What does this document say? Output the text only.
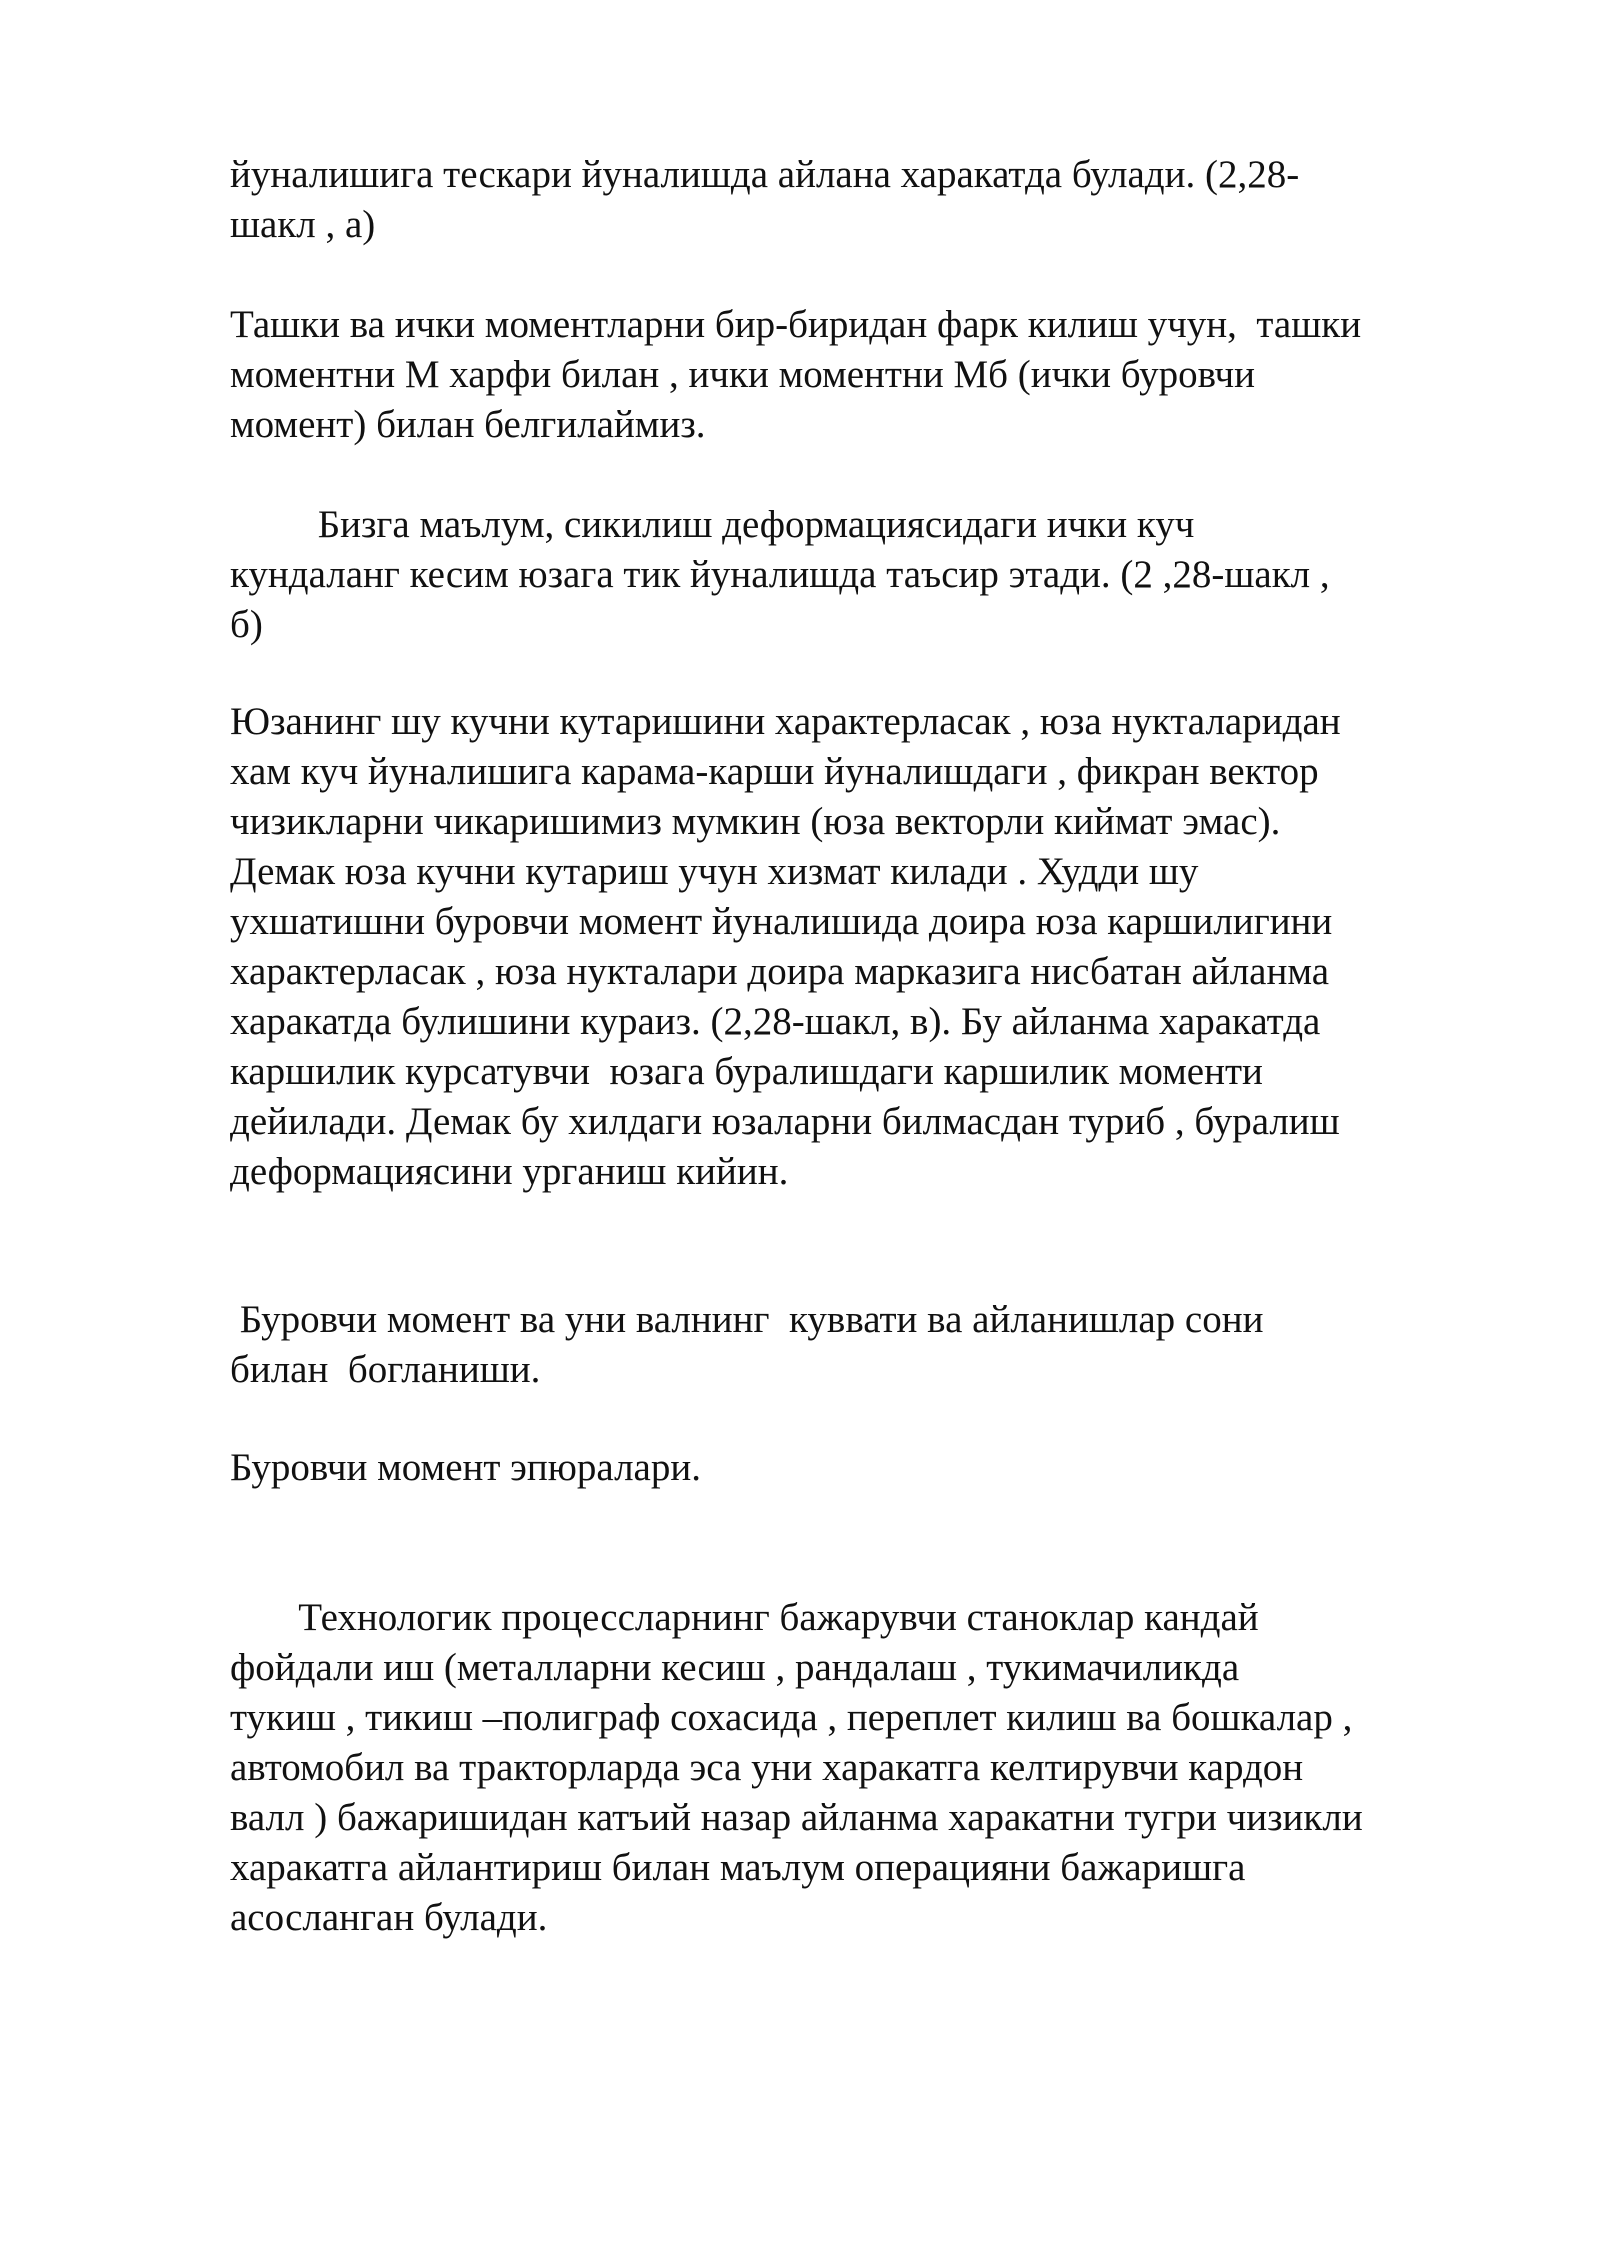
йуналишига тескари йуналишда айлана харакатда булади. (2,28-
шакл , а)

Ташки ва ички моментларни бир-биридан фарк килиш учун,  ташки
моментни М харфи билан , ички моментни Мб (ички буровчи
момент) билан белгилаймиз.

Бизга маълум, сикилиш деформациясидаги ички куч
кундаланг кесим юзага тик йуналишда таъсир этади. (2 ,28-шакл ,
б)

Юзанинг шу кучни кутаришини характерласак , юза нукталаридан
хам куч йуналишига карама-карши йуналишдаги , фикран вектор
чизикларни чикаришимиз мумкин (юза векторли киймат эмас).
Демак юза кучни кутариш учун хизмат килади . Худди шу
ухшатишни буровчи момент йуналишида доира юза каршилигини
характерласак , юза нукталари доира марказига нисбатан айланма
харакатда булишини кураиз. (2,28-шакл, в). Бу айланма харакатда
каршилик курсатувчи  юзага буралишдаги каршилик моменти
дейилади. Демак бу хилдаги юзаларни билмасдан туриб , буралиш
деформациясини урганиш кийин.

Буровчи момент ва уни валнинг  куввати ва айланишлар сони
билан  богланиши.

Буровчи момент эпюралари.

Технологик процессларнинг бажарувчи станоклар кандай
фойдали иш (металларни кесиш , рандалаш , тукимачиликда
тукиш , тикиш –полиграф сохасида , переплет килиш ва бошкалар ,
автомобил ва тракторларда эса уни харакатга келтирувчи кардон
валл ) бажаришидан катъий назар айланма харакатни тугри чизикли
харакатга айлантириш билан маълум операцияни бажаришга
асосланган булади.
